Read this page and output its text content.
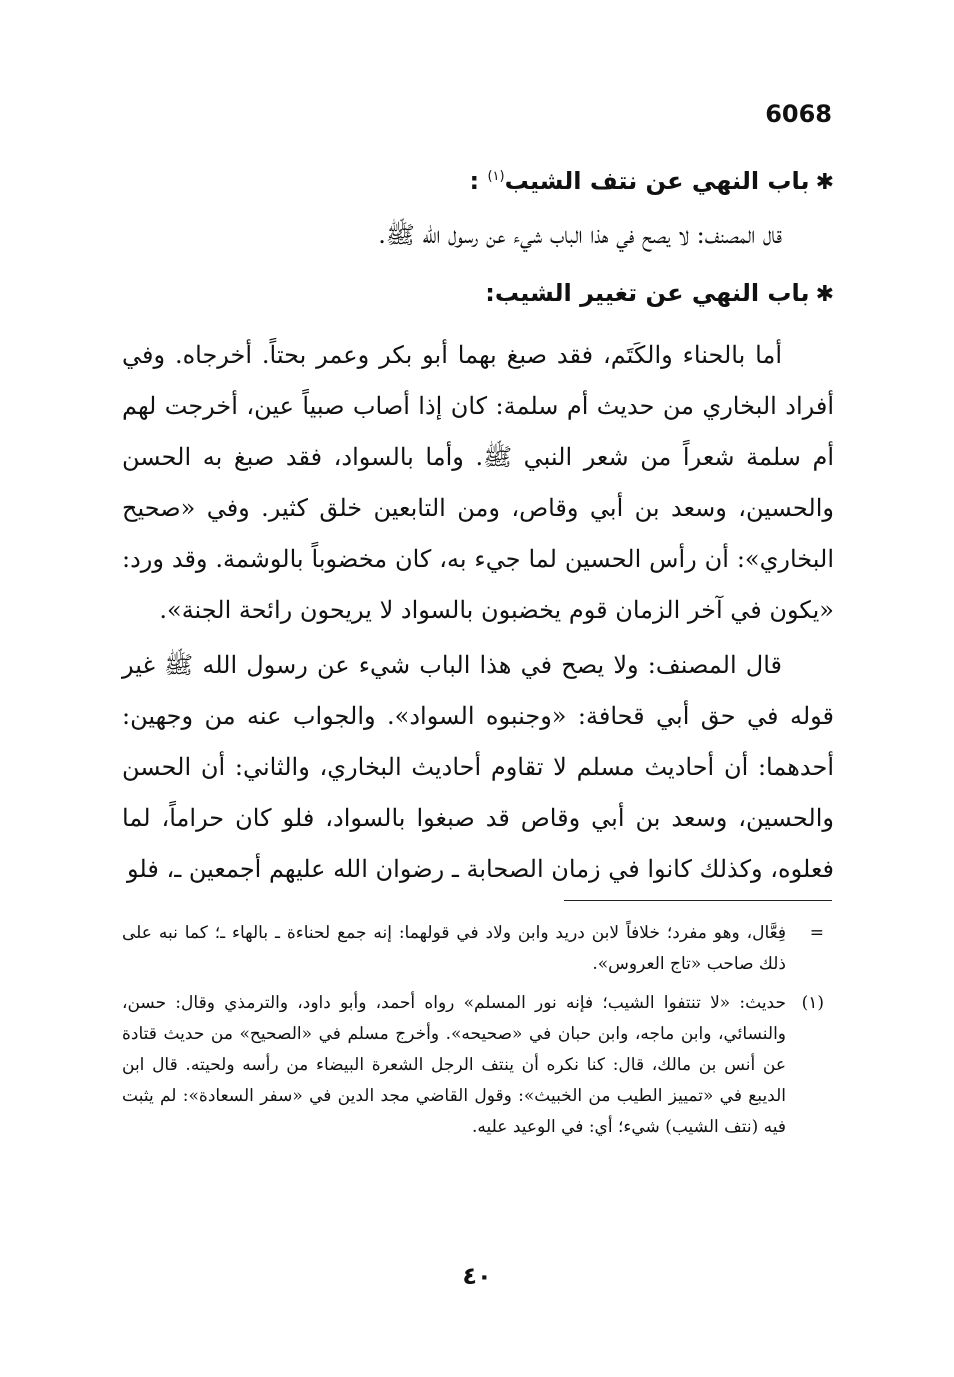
6068
✱باب النهي عن نتف الشيب$^{(١)}$ :

قال المصنف: لا يصح في هذا الباب شيء عن رسول الله ﷺ.

✱باب النهي عن تغيير الشيب:

أما بالحناء والكَتَم، فقد صبغ بهما أبو بكر وعمر بحتاً. أخرجاه. وفي أفراد البخاري من حديث أم سلمة: كان إذا أصاب صبياً عين، أخرجت لهم أم سلمة شعراً من شعر النبي ﷺ. وأما بالسواد، فقد صبغ به الحسن والحسين، وسعد بن أبي وقاص، ومن التابعين خلق كثير. وفي «صحيح البخاري»: أن رأس الحسين لما جيء به، كان مخضوباً بالوشمة. وقد ورد: «يكون في آخر الزمان قوم يخضبون بالسواد لا يريحون رائحة الجنة».

قال المصنف: ولا يصح في هذا الباب شيء عن رسول الله ﷺ غير قوله في حق أبي قحافة: «وجنبوه السواد». والجواب عنه من وجهين: أحدهما: أن أحاديث مسلم لا تقاوم أحاديث البخاري، والثاني: أن الحسن والحسين، وسعد بن أبي وقاص قد صبغوا بالسواد، فلو كان حراماً، لما فعلوه، وكذلك كانوا في زمان الصحابة ـ رضوان الله عليهم أجمعين ـ، فلو

=
فِعَّال، وهو مفرد؛ خلافاً لابن دريد وابن ولاد في قولهما: إنه جمع لحناءة ـ بالهاء ـ؛ كما نبه على ذلك صاحب «تاج العروس».
(١)
حديث: «لا تنتفوا الشيب؛ فإنه نور المسلم» رواه أحمد، وأبو داود، والترمذي وقال: حسن، والنسائي، وابن ماجه، وابن حبان في «صحيحه». وأخرج مسلم في «الصحيح» من حديث قتادة عن أنس بن مالك، قال: كنا نكره أن ينتف الرجل الشعرة البيضاء من رأسه ولحيته. قال ابن الديبع في «تمييز الطيب من الخبيث»: وقول القاضي مجد الدين في «سفر السعادة»: لم يثبت فيه (نتف الشيب) شيء؛ أي: في الوعيد عليه.
٤٠
